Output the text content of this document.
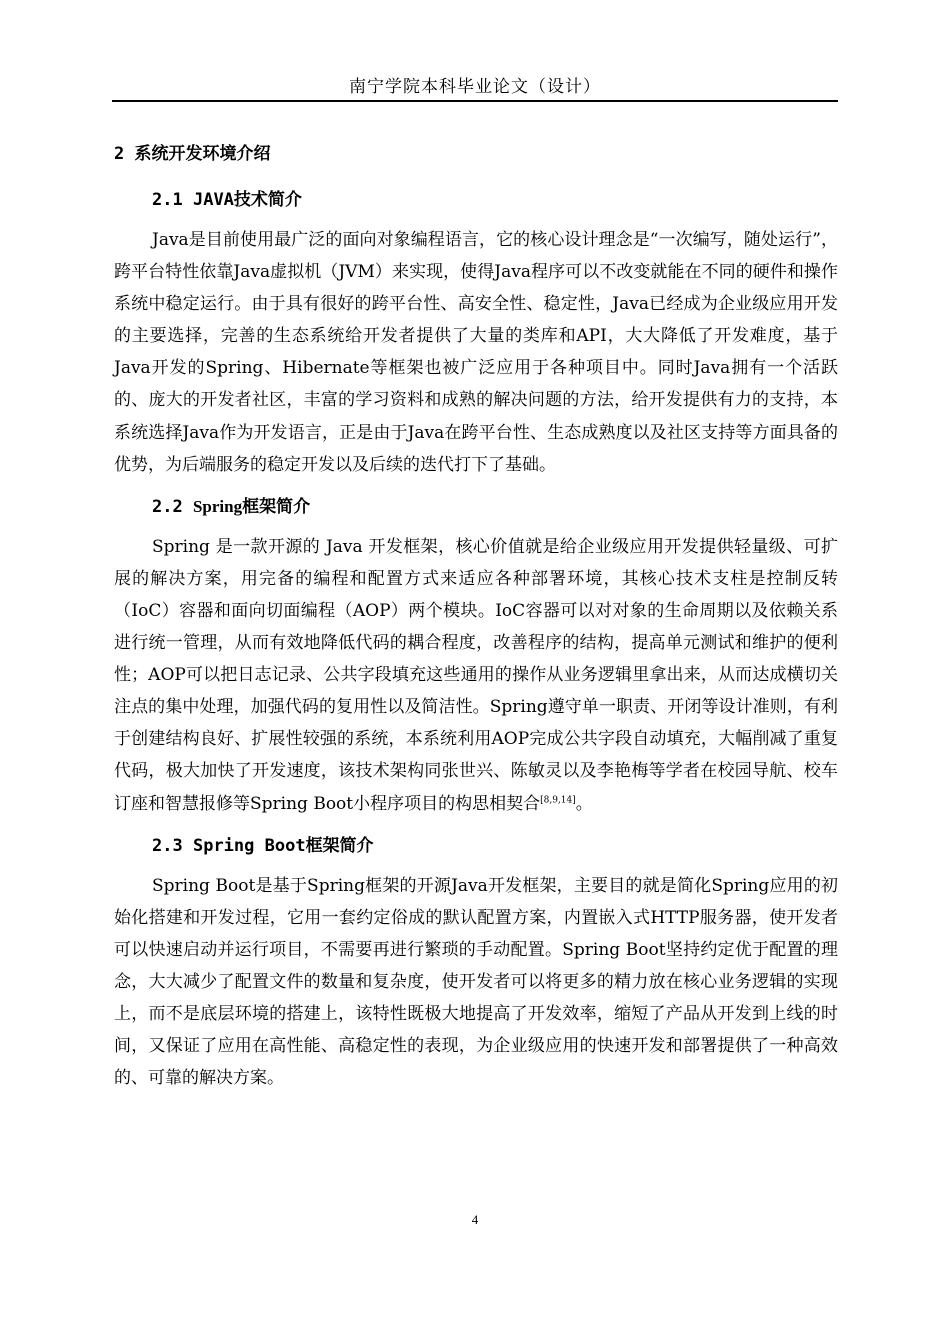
南宁学院本科毕业论文（设计）
2 系统开发环境介绍
2.1 JAVA技术简介

Java是目前使用最广泛的面向对象编程语言，它的核心设计理念是“一次编写，随处运行”，跨平台特性依靠Java虚拟机（JVM）来实现，使得Java程序可以不改变就能在不同的硬件和操作系统中稳定运行。由于具有很好的跨平台性、高安全性、稳定性，Java已经成为企业级应用开发的主要选择，完善的生态系统给开发者提供了大量的类库和API，大大降低了开发难度，基于Java开发的Spring、Hibernate等框架也被广泛应用于各种项目中。同时Java拥有一个活跃的、庞大的开发者社区，丰富的学习资料和成熟的解决问题的方法，给开发提供有力的支持，本系统选择Java作为开发语言，正是由于Java在跨平台性、生态成熟度以及社区支持等方面具备的优势，为后端服务的稳定开发以及后续的迭代打下了基础。

2.2 Spring框架简介

Spring 是一款开源的 Java 开发框架，核心价值就是给企业级应用开发提供轻量级、可扩展的解决方案，用完备的编程和配置方式来适应各种部署环境，其核心技术支柱是控制反转（IoC）容器和面向切面编程（AOP）两个模块。IoC容器可以对对象的生命周期以及依赖关系进行统一管理，从而有效地降低代码的耦合程度，改善程序的结构，提高单元测试和维护的便利性；AOP可以把日志记录、公共字段填充这些通用的操作从业务逻辑里拿出来，从而达成横切关注点的集中处理，加强代码的复用性以及简洁性。Spring遵守单一职责、开闭等设计准则，有利于创建结构良好、扩展性较强的系统，本系统利用AOP完成公共字段自动填充，大幅削减了重复代码，极大加快了开发速度，该技术架构同张世兴、陈敏灵以及李艳梅等学者在校园导航、校车订座和智慧报修等Spring Boot小程序项目的构思相契合[8,9,14]。

2.3 Spring Boot框架简介

Spring Boot是基于Spring框架的开源Java开发框架，主要目的就是简化Spring应用的初始化搭建和开发过程，它用一套约定俗成的默认配置方案，内置嵌入式HTTP服务器，使开发者可以快速启动并运行项目，不需要再进行繁琐的手动配置。Spring Boot坚持约定优于配置的理念，大大减少了配置文件的数量和复杂度，使开发者可以将更多的精力放在核心业务逻辑的实现上，而不是底层环境的搭建上，该特性既极大地提高了开发效率，缩短了产品从开发到上线的时间，又保证了应用在高性能、高稳定性的表现，为企业级应用的快速开发和部署提供了一种高效的、可靠的解决方案。

4
